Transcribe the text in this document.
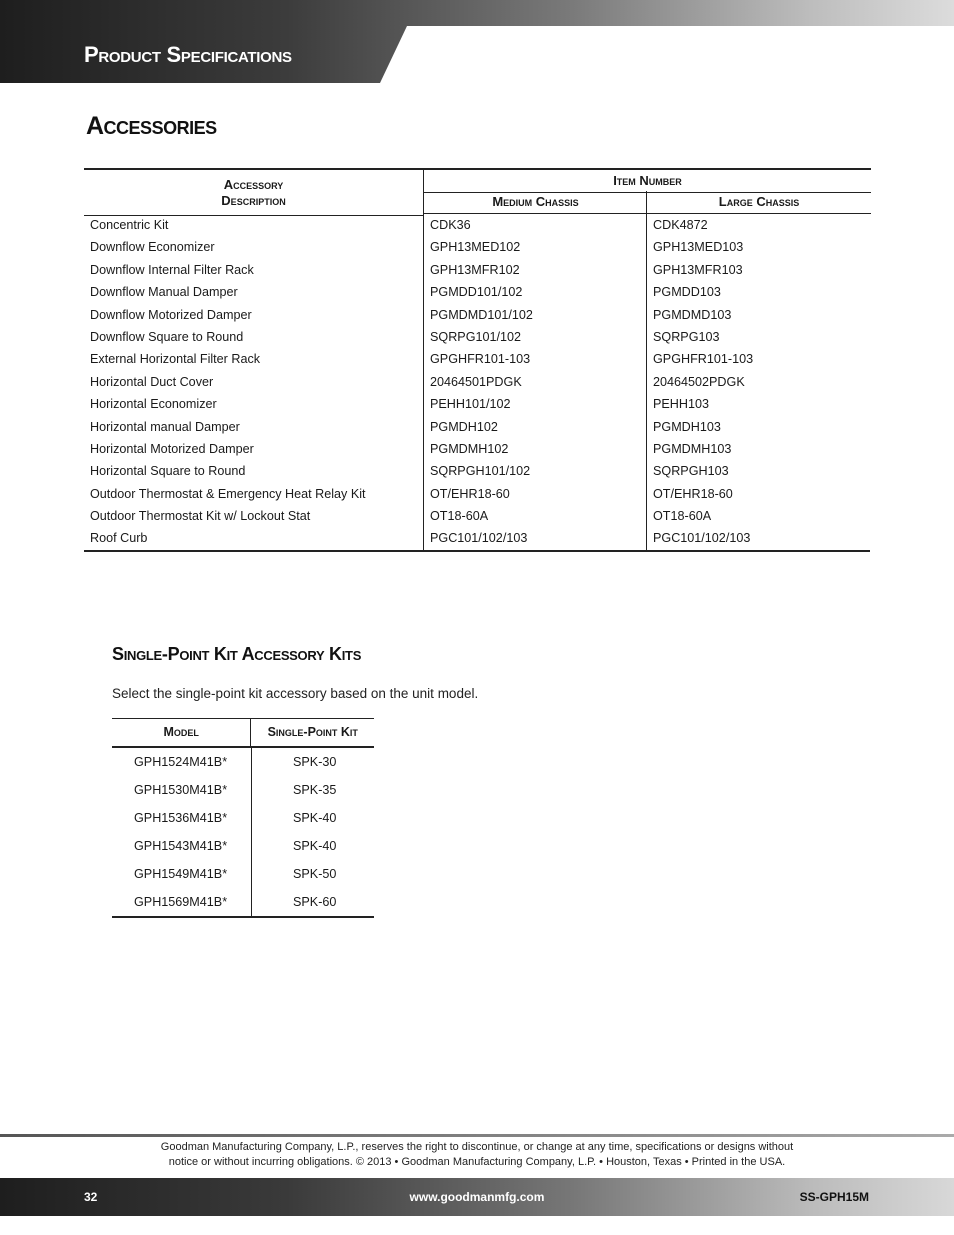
Product Specifications
Accessories
Accessory
Description
Item Number
Medium Chassis	Large Chassis
Concentric Kit	CDK36	CDK4872
Downflow Economizer	GPH13MED102	GPH13MED103
Downflow Internal Filter Rack	GPH13MFR102	GPH13MFR103
Downflow Manual Damper	PGMDD101/102	PGMDD103
Downflow Motorized Damper	PGMDMD101/102	PGMDMD103
Downflow Square to Round	SQRPG101/102	SQRPG103
External Horizontal Filter Rack	GPGHFR101-103	GPGHFR101-103
Horizontal Duct Cover	20464501PDGK	20464502PDGK
Horizontal Economizer	PEHH101/102	PEHH103
Horizontal manual Damper	PGMDH102	PGMDH103
Horizontal Motorized Damper	PGMDMH102	PGMDMH103
Horizontal Square to Round	SQRPGH101/102	SQRPGH103
Outdoor Thermostat & Emergency Heat Relay Kit	OT/EHR18-60	OT/EHR18-60
Outdoor Thermostat Kit w/ Lockout Stat	OT18-60A	OT18-60A
Roof Curb	PGC101/102/103	PGC101/102/103
Single-Point Kit Accessory Kits
Select the single-point kit accessory based on the unit model.
Model	Single-Point Kit
GPH1524M41B*	SPK-30
GPH1530M41B*	SPK-35
GPH1536M41B*	SPK-40
GPH1543M41B*	SPK-40
GPH1549M41B*	SPK-50
GPH1569M41B*	SPK-60
Goodman Manufacturing Company, L.P., reserves the right to discontinue, or change at any time, specifications or designs without
notice or without incurring obligations. © 2013 • Goodman Manufacturing Company, L.P. • Houston, Texas • Printed in the USA.
32	www.goodmanmfg.com	SS-GPH15M
